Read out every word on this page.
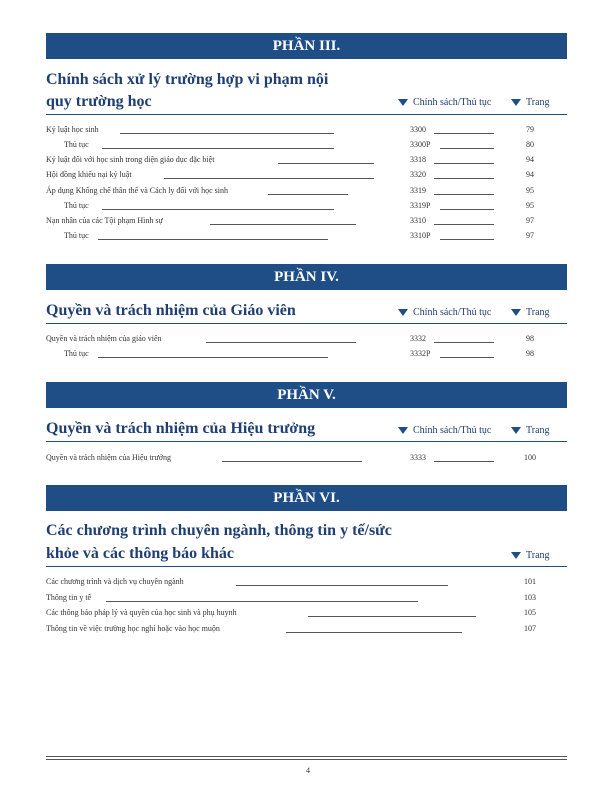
PHẦN III.
Chính sách xử lý trường hợp vi phạm nội
quy trường học	Chính sách/Thủ tục	Trang
Kỷ luật học sinh	3300	79
Thủ tục	3300P	80
Kỷ luật đối với học sinh trong diện giáo dục đặc biệt	3318	94
Hội đồng khiếu nại kỷ luật	3320	94
Áp dụng Khống chế thân thể và Cách ly đối với học sinh	3319	95
Thủ tục	3319P	95
Nạn nhân của các Tội phạm Hình sự	3310	97
Thủ tục	3310P	97
PHẦN IV.
Quyền và trách nhiệm của Giáo viên	Chính sách/Thủ tục	Trang
Quyền và trách nhiệm của giáo viên	3332	98
Thủ tục	3332P	98
PHẦN V.
Quyền và trách nhiệm của Hiệu trưởng	Chính sách/Thủ tục	Trang
Quyền và trách nhiệm của Hiệu trưởng	3333	100
PHẦN VI.
Các chương trình chuyên ngành, thông tin y tế/sức
khỏe và các thông báo khác	Trang
Các chương trình và dịch vụ chuyên ngành	101
Thông tin y tế	103
Các thông báo pháp lý và quyền của học sinh và phụ huynh	105
Thông tin về việc trường học nghỉ hoặc vào học muộn	107
4
